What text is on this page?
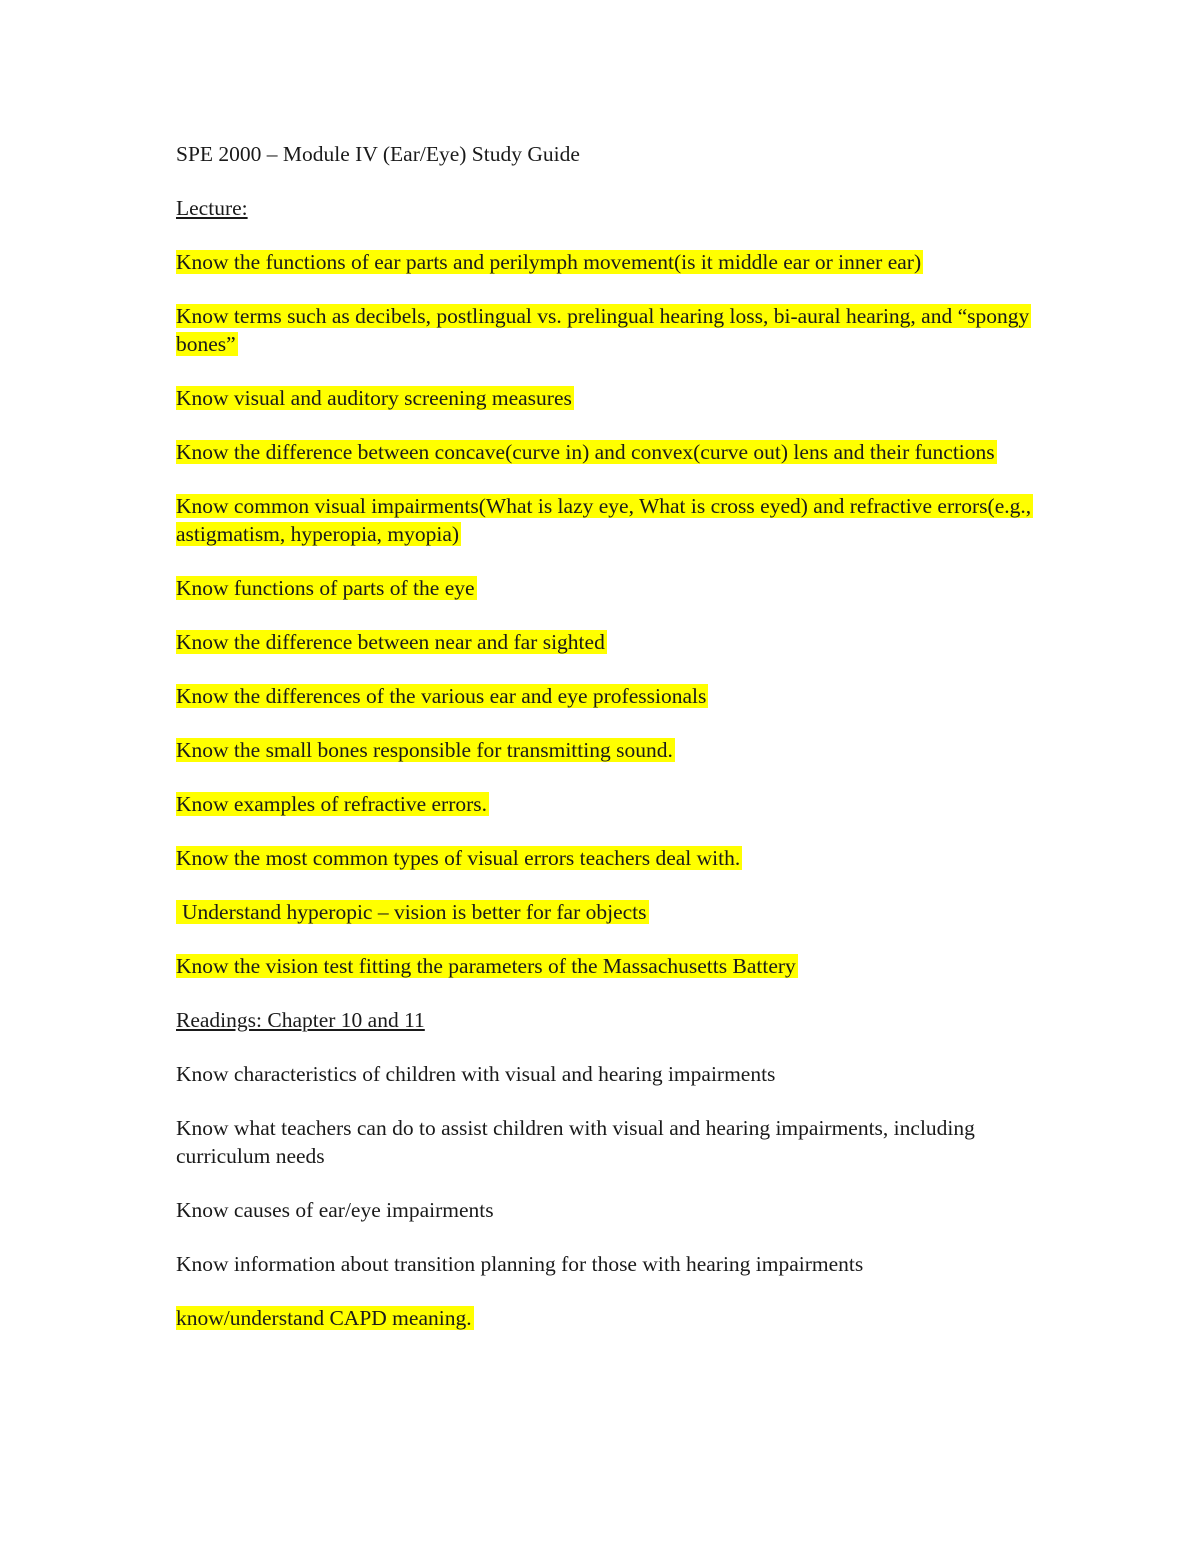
SPE 2000 – Module IV (Ear/Eye) Study Guide

Lecture:

Know the functions of ear parts and perilymph movement(is it middle ear or inner ear)

Know terms such as decibels, postlingual vs. prelingual hearing loss, bi-aural hearing, and “spongy bones”

Know visual and auditory screening measures

Know the difference between concave(curve in) and convex(curve out) lens and their functions

Know common visual impairments(What is lazy eye, What is cross eyed) and refractive errors(e.g., astigmatism, hyperopia, myopia)

Know functions of parts of the eye

Know the difference between near and far sighted

Know the differences of the various ear and eye professionals

Know the small bones responsible for transmitting sound.

Know examples of refractive errors.

Know the most common types of visual errors teachers deal with.

Understand hyperopic – vision is better for far objects

Know the vision test fitting the parameters of the Massachusetts Battery

Readings: Chapter 10 and 11

Know characteristics of children with visual and hearing impairments

Know what teachers can do to assist children with visual and hearing impairments, including curriculum needs

Know causes of ear/eye impairments

Know information about transition planning for those with hearing impairments

know/understand CAPD meaning.
